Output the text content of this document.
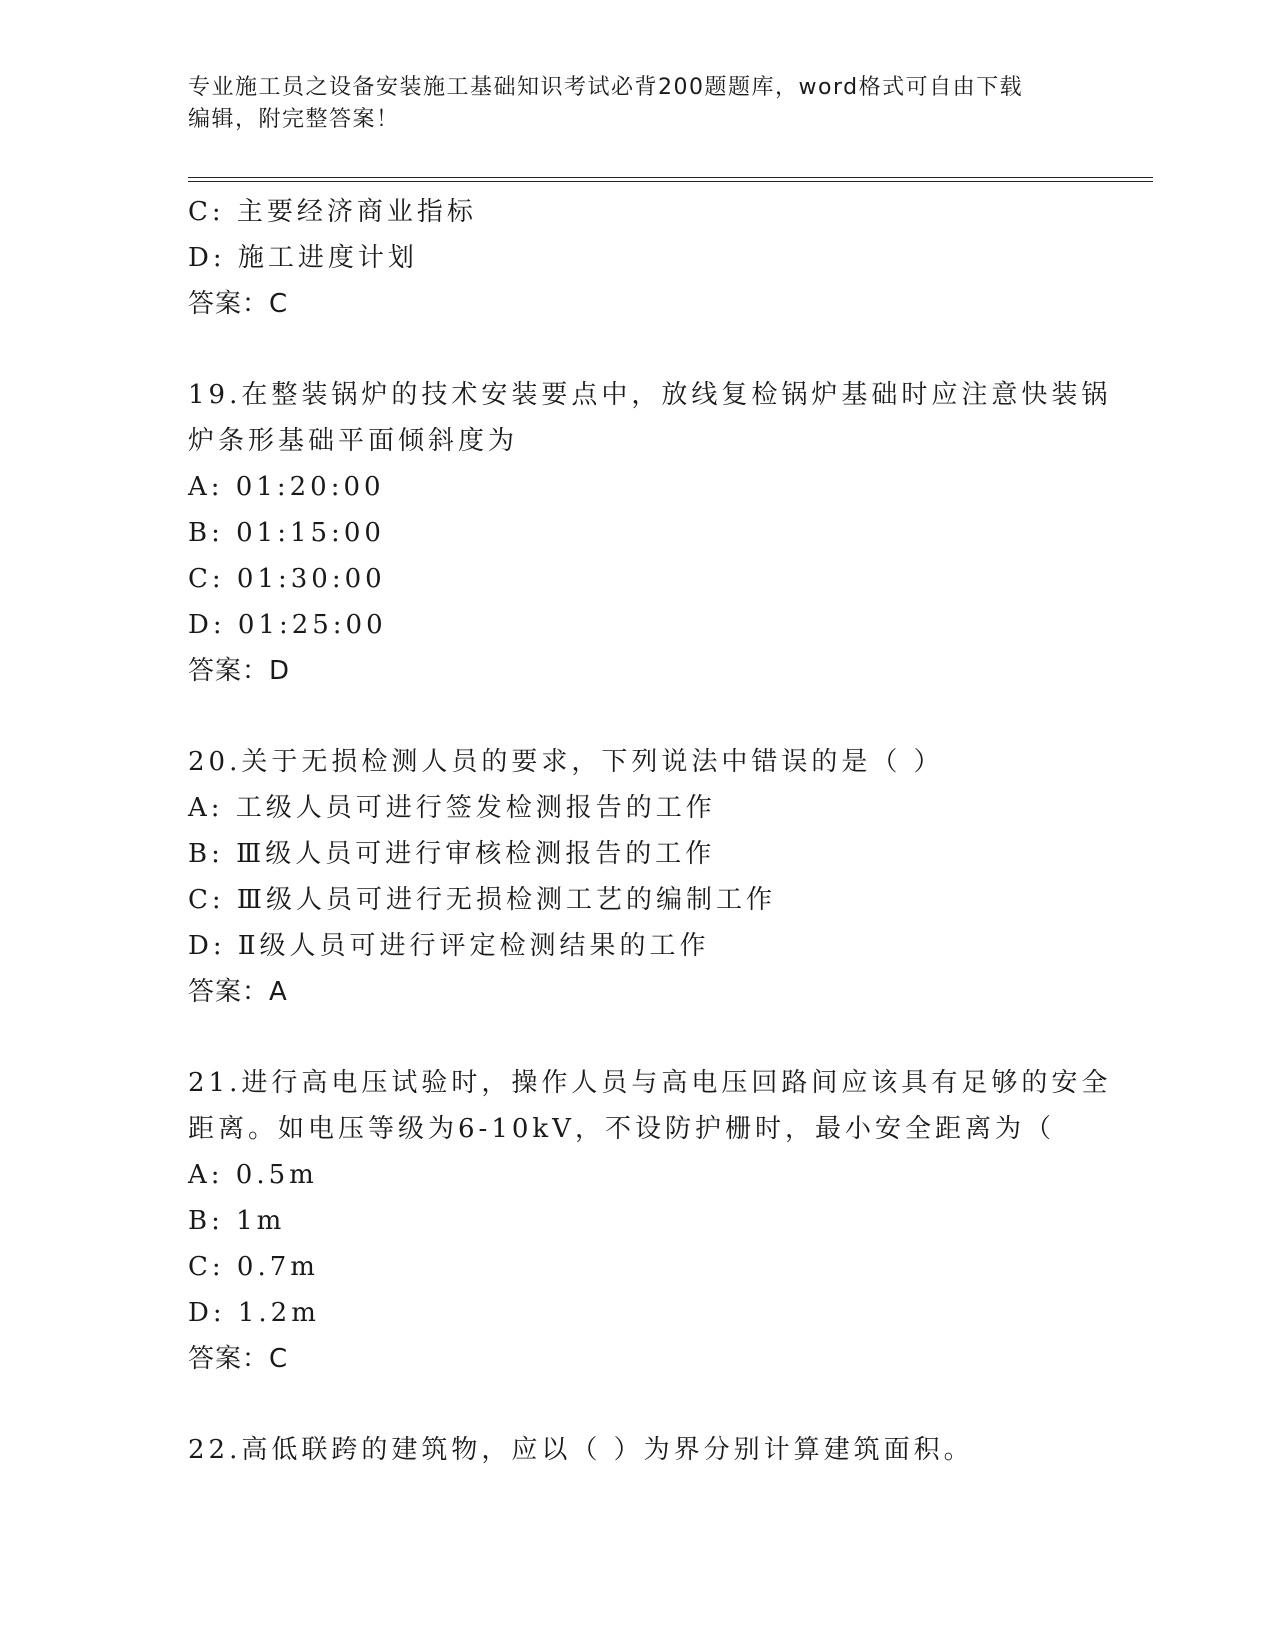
专业施工员之设备安装施工基础知识考试必背200题题库，word格式可自由下载
编辑，附完整答案！
C: 主要经济商业指标
D: 施工进度计划
答案：C
19.在整装锅炉的技术安装要点中，放线复检锅炉基础时应注意快装锅
炉条形基础平面倾斜度为
A: 01:20:00
B: 01:15:00
C: 01:30:00
D: 01:25:00
答案：D
20.关于无损检测人员的要求，下列说法中错误的是（ ）
A: 工级人员可进行签发检测报告的工作
B: Ⅲ级人员可进行审核检测报告的工作
C: Ⅲ级人员可进行无损检测工艺的编制工作
D: Ⅱ级人员可进行评定检测结果的工作
答案：A
21.进行高电压试验时，操作人员与高电压回路间应该具有足够的安全
距离。如电压等级为6-10kV，不设防护栅时，最小安全距离为（
A: 0.5m
B: 1m
C: 0.7m
D: 1.2m
答案：C
22.高低联跨的建筑物，应以（ ）为界分别计算建筑面积。
